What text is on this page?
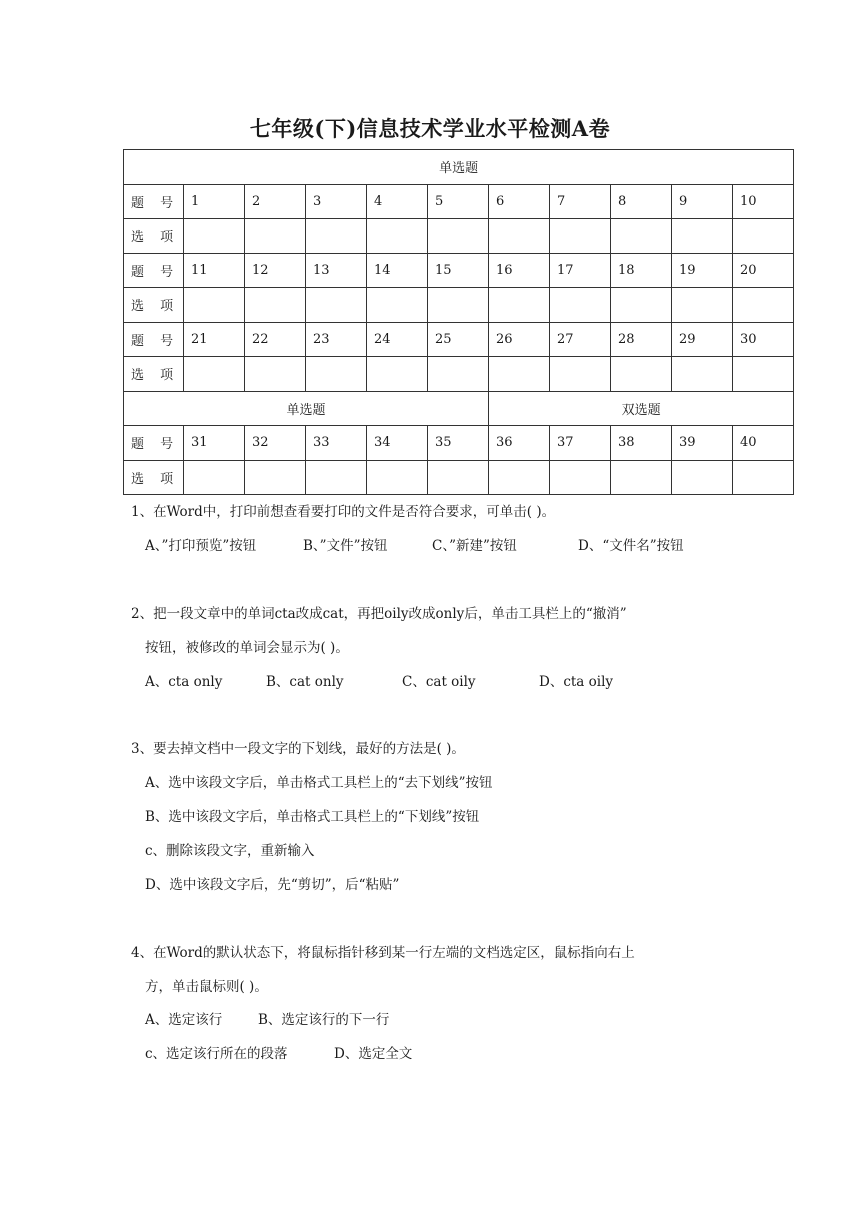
七年级(下)信息技术学业水平检测A卷
单选题										
题 号	1	2	3	4	5	6	7	8	9	10
选 项										
题 号	11	12	13	14	15	16	17	18	19	20
选 项										
题 号	21	22	23	24	25	26	27	28	29	30
选 项										
单选题						双选题				
题 号	31	32	33	34	35	36	37	38	39	40
选 项										
1、在Word中，打印前想查看要打印的文件是否符合要求，可单击( )。
A、”打印预览”按钮	B、”文件”按钮	C、”新建”按钮	D、“文件名”按钮
2、把一段文章中的单词cta改成cat，再把oily改成only后，单击工具栏上的“撤消”
按钮，被修改的单词会显示为( )。
A、cta only	B、cat only	C、cat oily	D、cta oily
3、要去掉文档中一段文字的下划线，最好的方法是( )。
A、选中该段文字后，单击格式工具栏上的“去下划线”按钮
B、选中该段文字后，单击格式工具栏上的“下划线”按钮
c、删除该段文字，重新输入
D、选中该段文字后，先“剪切”，后“粘贴”
4、在Word的默认状态下，将鼠标指针移到某一行左端的文档选定区，鼠标指向右上
方，单击鼠标则( )。
A、选定该行	B、选定该行的下一行
c、选定该行所在的段落	D、选定全文
